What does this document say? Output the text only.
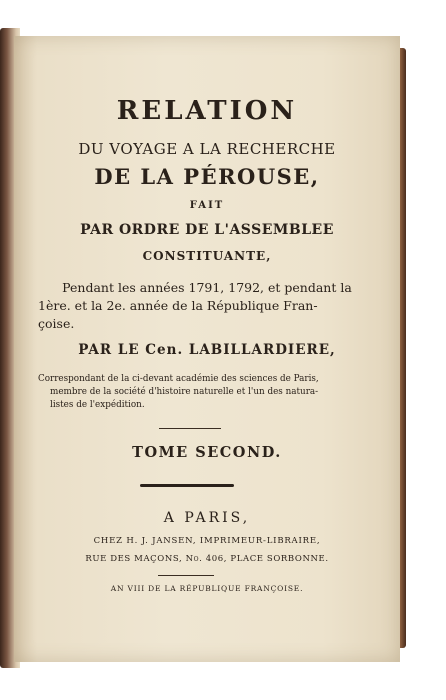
RELATION
DU VOYAGE A LA RECHERCHE
DE LA PÉROUSE,
FAIT
PAR ORDRE DE L'ASSEMBLEE
CONSTITUANTE,
Pendant les années 1791, 1792, et pendant la
1ère. et la 2e. année de la République Fran-
çoise.
PAR LE Cen. LABILLARDIERE,
Correspondant de la ci-devant académie des sciences de Paris,
membre de la société d'histoire naturelle et l'un des natura-
listes de l'expédition.
TOME SECOND.
A PARIS,
CHEZ H. J. JANSEN, IMPRIMEUR-LIBRAIRE,
RUE DES MAÇONS, No. 406, PLACE SORBONNE.
AN VIII DE LA RÉPUBLIQUE FRANÇOISE.
